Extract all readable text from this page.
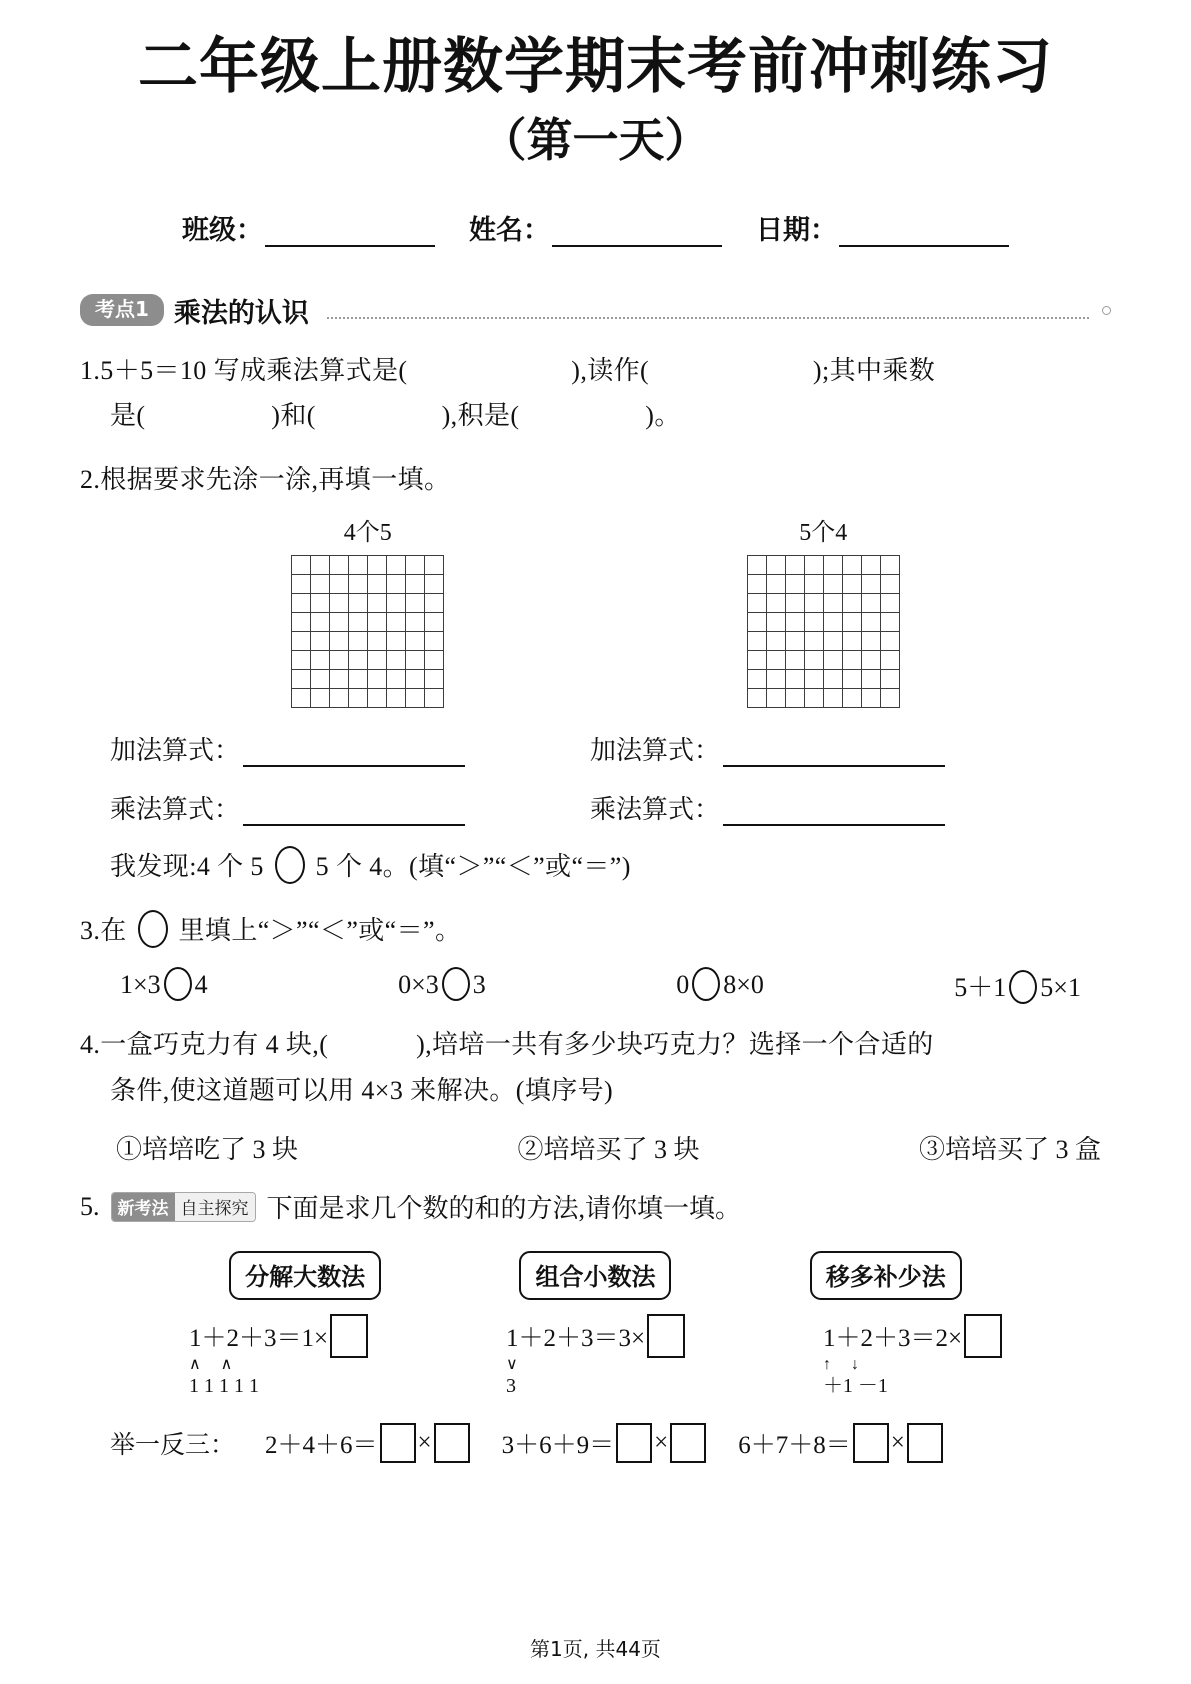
二年级上册数学期末考前冲刺练习
（第一天）
班级：	姓名：	日期：
考点1 乘法的认识
1.5＋5＝10 写成乘法算式是(	),读作(	);其中乘数
是(	)和(	),积是(	)。
2.根据要求先涂一涂,再填一填。
4个5	5个4
加法算式：	加法算式：
乘法算式：	乘法算式：
我发现:4 个 5 5 个 4。(填“＞”“＜”或“＝”)
3.在 里填上“＞”“＜”或“＝”。
1×3 4	0×3 3	0 8×0	5＋1 5×1
4.一盒巧克力有 4 块,(	),培培一共有多少块巧克力？选择一个合适的
条件,使这道题可以用 4×3 来解决。(填序号)
①培培吃了 3 块	②培培买了 3 块	③培培买了 3 盒
5.	新考法 自主探究 下面是求几个数的和的方法,请你填一填。
分解大数法	组合小数法	移多补少法
1＋2＋3＝1×
∧ ∧
1 1 1 1 1
1＋2＋3＝3×
∨
3
1＋2＋3＝2×
↑ ↓
＋1 －1
举一反三： 2＋4＋6＝ ×	3＋6＋9＝ ×	6＋7＋8＝ ×
第1页, 共44页
